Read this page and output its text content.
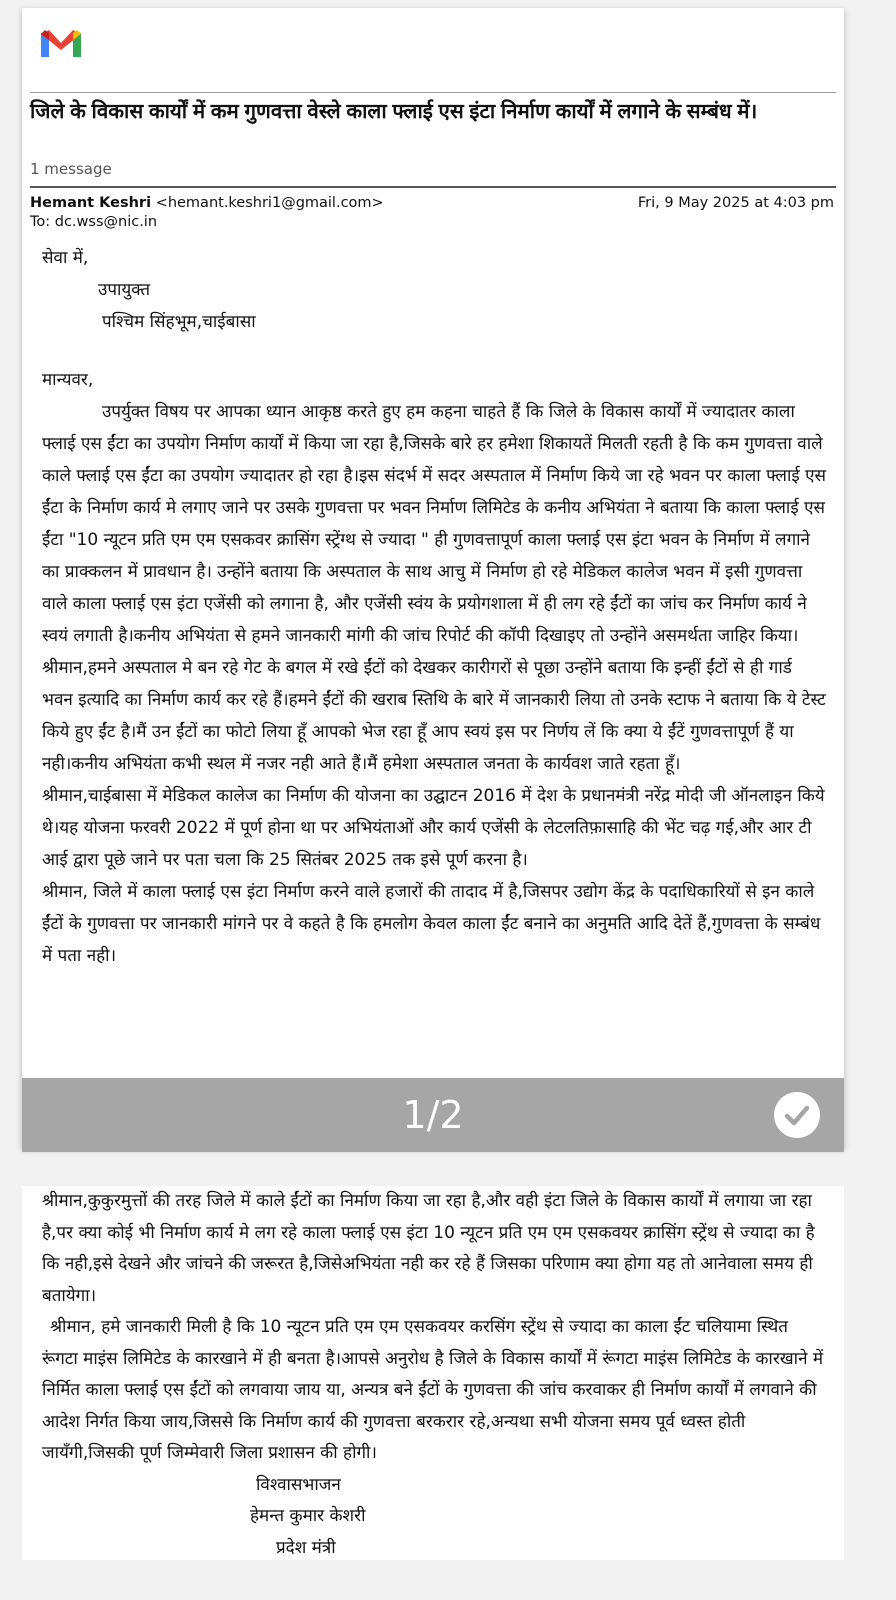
जिले के विकास कार्यों में कम गुणवत्ता वेस्ले काला फ्लाई एस इंटा निर्माण कार्यों में लगाने के सम्बंध में।
1 message
Hemant Keshri <hemant.keshri1@gmail.com>
To: dc.wss@nic.in
Fri, 9 May 2025 at 4:03 pm

सेवा में,

उपायुक्त

पश्चिम सिंहभूम,चाईबासा

मान्यवर,

उपर्युक्त विषय पर आपका ध्यान आकृष्ठ करते हुए हम कहना चाहते हैं कि जिले के विकास कार्यों में ज्यादातर काला फ्लाई एस ईंटा का उपयोग निर्माण कार्यों में किया जा रहा है,जिसके बारे हर हमेशा शिकायतें मिलती रहती है कि कम गुणवत्ता वाले काले फ्लाई एस ईंटा का उपयोग ज्यादातर हो रहा है।इस संदर्भ में सदर अस्पताल में निर्माण किये जा रहे भवन पर काला फ्लाई एस ईंटा के निर्माण कार्य मे लगाए जाने पर उसके गुणवत्ता पर भवन निर्माण लिमिटेड के कनीय अभियंता ने बताया कि काला फ्लाई एस ईंटा "10 न्यूटन प्रति एम एम एसकवर क्रासिंग स्ट्रेंग्थ से ज्यादा " ही गुणवत्तापूर्ण काला फ्लाई एस इंटा भवन के निर्माण में लगाने का प्राक्कलन में प्रावधान है। उन्होंने बताया कि अस्पताल के साथ आचु में निर्माण हो रहे मेडिकल कालेज भवन में इसी गुणवत्ता वाले काला फ्लाई एस इंटा एजेंसी को लगाना है, और एजेंसी स्वंय के प्रयोगशाला में ही लग रहे ईंटों का जांच कर निर्माण कार्य ने स्वयं लगाती है।कनीय अभियंता से हमने जानकारी मांगी की जांच रिपोर्ट की कॉपी दिखाइए तो उन्होंने असमर्थता जाहिर किया।

श्रीमान,हमने अस्पताल मे बन रहे गेट के बगल में रखे ईंटों को देखकर कारीगरों से पूछा उन्होंने बताया कि इन्हीं ईंटों से ही गार्ड भवन इत्यादि का निर्माण कार्य कर रहे हैं।हमने ईंटों की खराब स्तिथि के बारे में जानकारी लिया तो उनके स्टाफ ने बताया कि ये टेस्ट किये हुए ईंट है।मैं उन ईंटों का फोटो लिया हूँ आपको भेज रहा हूँ आप स्वयं इस पर निर्णय लें कि क्या ये ईंटें गुणवत्तापूर्ण हैं या नही।कनीय अभियंता कभी स्थल में नजर नही आते हैं।मैं हमेशा अस्पताल जनता के कार्यवश जाते रहता हूँ।

श्रीमान,चाईबासा में मेडिकल कालेज का निर्माण की योजना का उद्घाटन 2016 में देश के प्रधानमंत्री नरेंद्र मोदी जी ऑनलाइन किये थे।यह योजना फरवरी 2022 में पूर्ण होना था पर अभियंताओं और कार्य एजेंसी के लेटलतिफ़ासाहि की भेंट चढ़ गई,और आर टी आई द्वारा पूछे जाने पर पता चला कि 25 सितंबर 2025 तक इसे पूर्ण करना है।

श्रीमान, जिले में काला फ्लाई एस इंटा निर्माण करने वाले हजारों की तादाद में है,जिसपर उद्योग केंद्र के पदाधिकारियों से इन काले ईंटों के गुणवत्ता पर जानकारी मांगने पर वे कहते है कि हमलोग केवल काला ईंट बनाने का अनुमति आदि देतें हैं,गुणवत्ता के सम्बंध में पता नही।

1/2

श्रीमान,कुकुरमुत्तों की तरह जिले में काले ईंटों का निर्माण किया जा रहा है,और वही इंटा जिले के विकास कार्यों में लगाया जा रहा है,पर क्या कोई भी निर्माण कार्य मे लग रहे काला फ्लाई एस इंटा 10 न्यूटन प्रति एम एम एसकवयर क्रासिंग स्ट्रेंथ से ज्यादा का है कि नही,इसे देखने और जांचने की जरूरत है,जिसेअभियंता नही कर रहे हैं जिसका परिणाम क्या होगा यह तो आनेवाला समय ही बतायेगा।

श्रीमान, हमे जानकारी मिली है कि 10 न्यूटन प्रति एम एम एसकवयर करसिंग स्ट्रेंथ से ज्यादा का काला ईंट चलियामा स्थित रूंगटा माइंस लिमिटेड के कारखाने में ही बनता है।आपसे अनुरोध है जिले के विकास कार्यों में रूंगटा माइंस लिमिटेड के कारखाने में निर्मित काला फ्लाई एस ईंटों को लगवाया जाय या, अन्यत्र बने ईंटों के गुणवत्ता की जांच करवाकर ही निर्माण कार्यों में लगवाने की आदेश निर्गत किया जाय,जिससे कि निर्माण कार्य की गुणवत्ता बरकरार रहे,अन्यथा सभी योजना समय पूर्व ध्वस्त होती जायँगी,जिसकी पूर्ण जिम्मेवारी जिला प्रशासन की होगी।

विश्वासभाजन

हेमन्त कुमार केशरी

प्रदेश मंत्री
